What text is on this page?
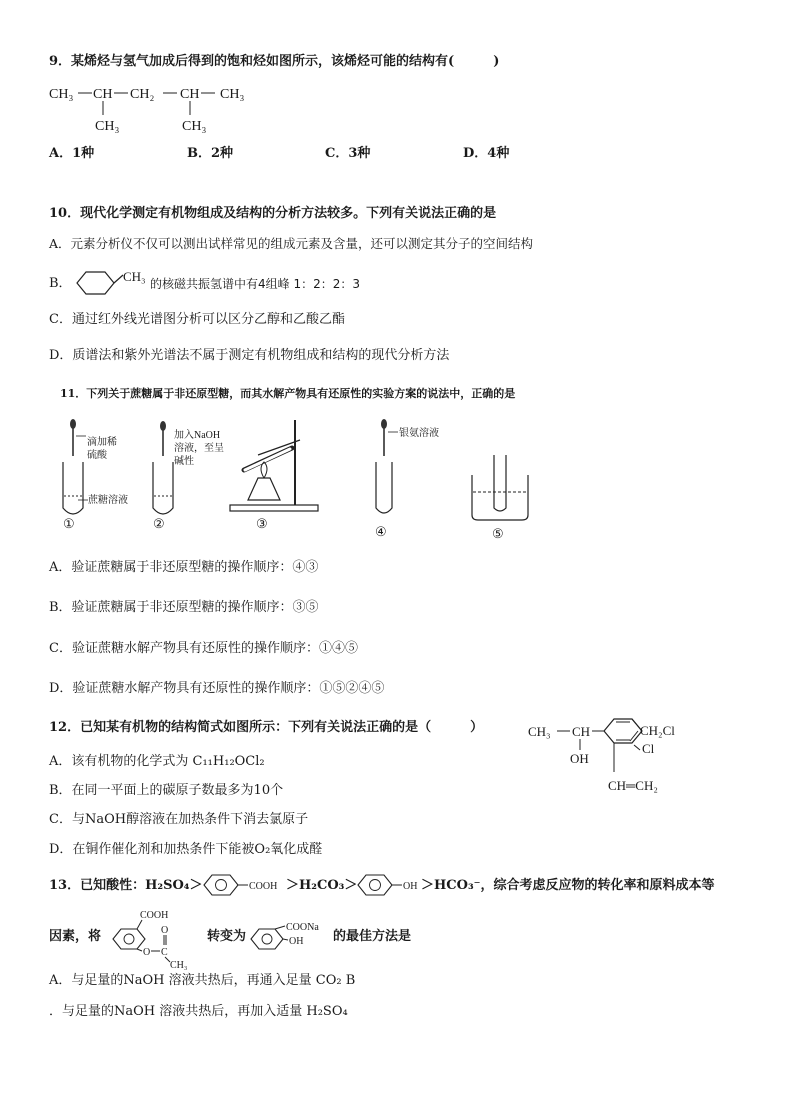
9．某烯烃与氢气加成后得到的饱和烃如图所示，该烯烃可能的结构有(　　　)
CH₃ CH CH₂ CH CH₃
CH₃	CH₃
A．1种	B．2种	C．3种	D．4种
10．现代化学测定有机物组成及结构的分析方法较多。下列有关说法正确的是
A．元素分析仪不仅可以测出试样常见的组成元素及含量，还可以测定其分子的空间结构
B．	CH₃ 的核磁共振氢谱中有4组峰 1：2：2：3
C．通过红外线光谱图分析可以区分乙醇和乙酸乙酯
D．质谱法和紫外光谱法不属于测定有机物组成和结构的现代分析方法
11．下列关于蔗糖属于非还原型糖，而其水解产物具有还原性的实验方案的说法中，正确的是
滴加稀
硫酸
蔗糖溶液
①
加入NaOH
溶液，至呈
碱性
②	③
银氨溶液
④	⑤
A．验证蔗糖属于非还原型糖的操作顺序：④③
B．验证蔗糖属于非还原型糖的操作顺序：③⑤
C．验证蔗糖水解产物具有还原性的操作顺序：①④⑤
D．验证蔗糖水解产物具有还原性的操作顺序：①⑤②④⑤
12．已知某有机物的结构简式如图所示：下列有关说法正确的是（　　　）
A．该有机物的化学式为 C₁₁H₁₂OCl₂
B．在同一平面上的碳原子数最多为10个
C．与NaOH醇溶液在加热条件下消去氯原子
D．在铜作催化剂和加热条件下能被O₂氧化成醛
CH₃ CH
OH
CH₂Cl
Cl
CH═CH₂
13．已知酸性：H₂SO₄＞	COOH ＞H₂CO₃＞	OH ＞HCO₃⁻，综合考虑反应物的转化率和原料成本等
因素，将
COOH
O C
O
CH₃
转变为
COONa
OH 的最佳方法是
A．与足量的NaOH 溶液共热后，再通入足量 CO₂ B
．与足量的NaOH 溶液共热后，再加入适量 H₂SO₄
